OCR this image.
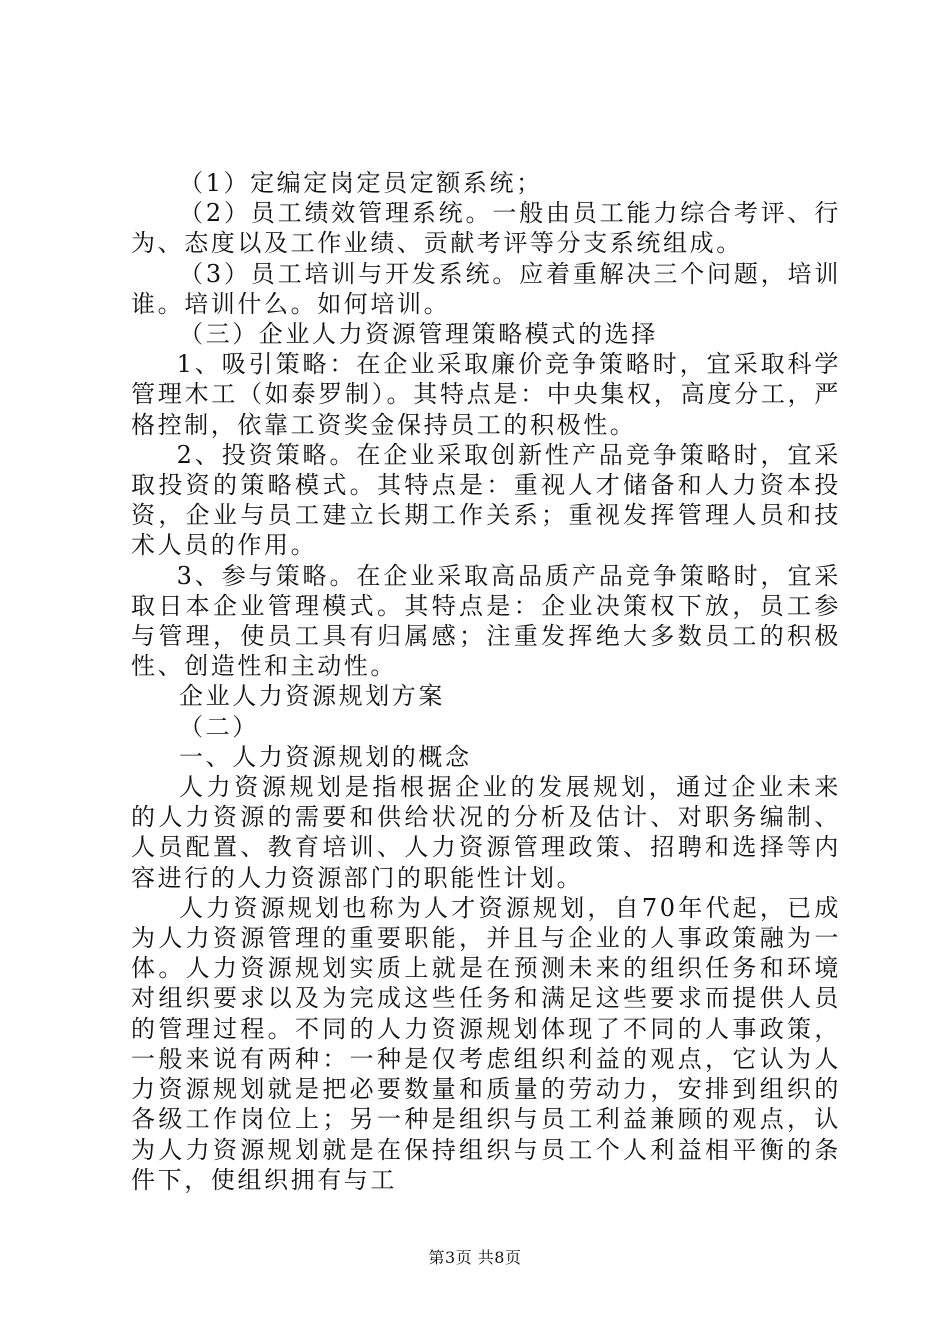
（1）定编定岗定员定额系统；

（2）员工绩效管理系统。一般由员工能力综合考评、行为、态度以及工作业绩、贡献考评等分支系统组成。

（3）员工培训与开发系统。应着重解决三个问题，培训谁。培训什么。如何培训。

（三）企业人力资源管理策略模式的选择

1、吸引策略：在企业采取廉价竞争策略时，宜采取科学管理木工（如泰罗制）。其特点是：中央集权，高度分工，严格控制，依靠工资奖金保持员工的积极性。

2、投资策略。在企业采取创新性产品竞争策略时，宜采取投资的策略模式。其特点是：重视人才储备和人力资本投资，企业与员工建立长期工作关系；重视发挥管理人员和技术人员的作用。

3、参与策略。在企业采取高品质产品竞争策略时，宜采取日本企业管理模式。其特点是：企业决策权下放，员工参与管理，使员工具有归属感；注重发挥绝大多数员工的积极性、创造性和主动性。

企业人力资源规划方案

（二）

一、人力资源规划的概念

人力资源规划是指根据企业的发展规划，通过企业未来的人力资源的需要和供给状况的分析及估计、对职务编制、人员配置、教育培训、人力资源管理政策、招聘和选择等内容进行的人力资源部门的职能性计划。

人力资源规划也称为人才资源规划，自70年代起，已成为人力资源管理的重要职能，并且与企业的人事政策融为一体。人力资源规划实质上就是在预测未来的组织任务和环境对组织要求以及为完成这些任务和满足这些要求而提供人员的管理过程。不同的人力资源规划体现了不同的人事政策，一般来说有两种：一种是仅考虑组织利益的观点，它认为人力资源规划就是把必要数量和质量的劳动力，安排到组织的各级工作岗位上；另一种是组织与员工利益兼顾的观点，认为人力资源规划就是在保持组织与员工个人利益相平衡的条件下，使组织拥有与工

第3页 共8页
